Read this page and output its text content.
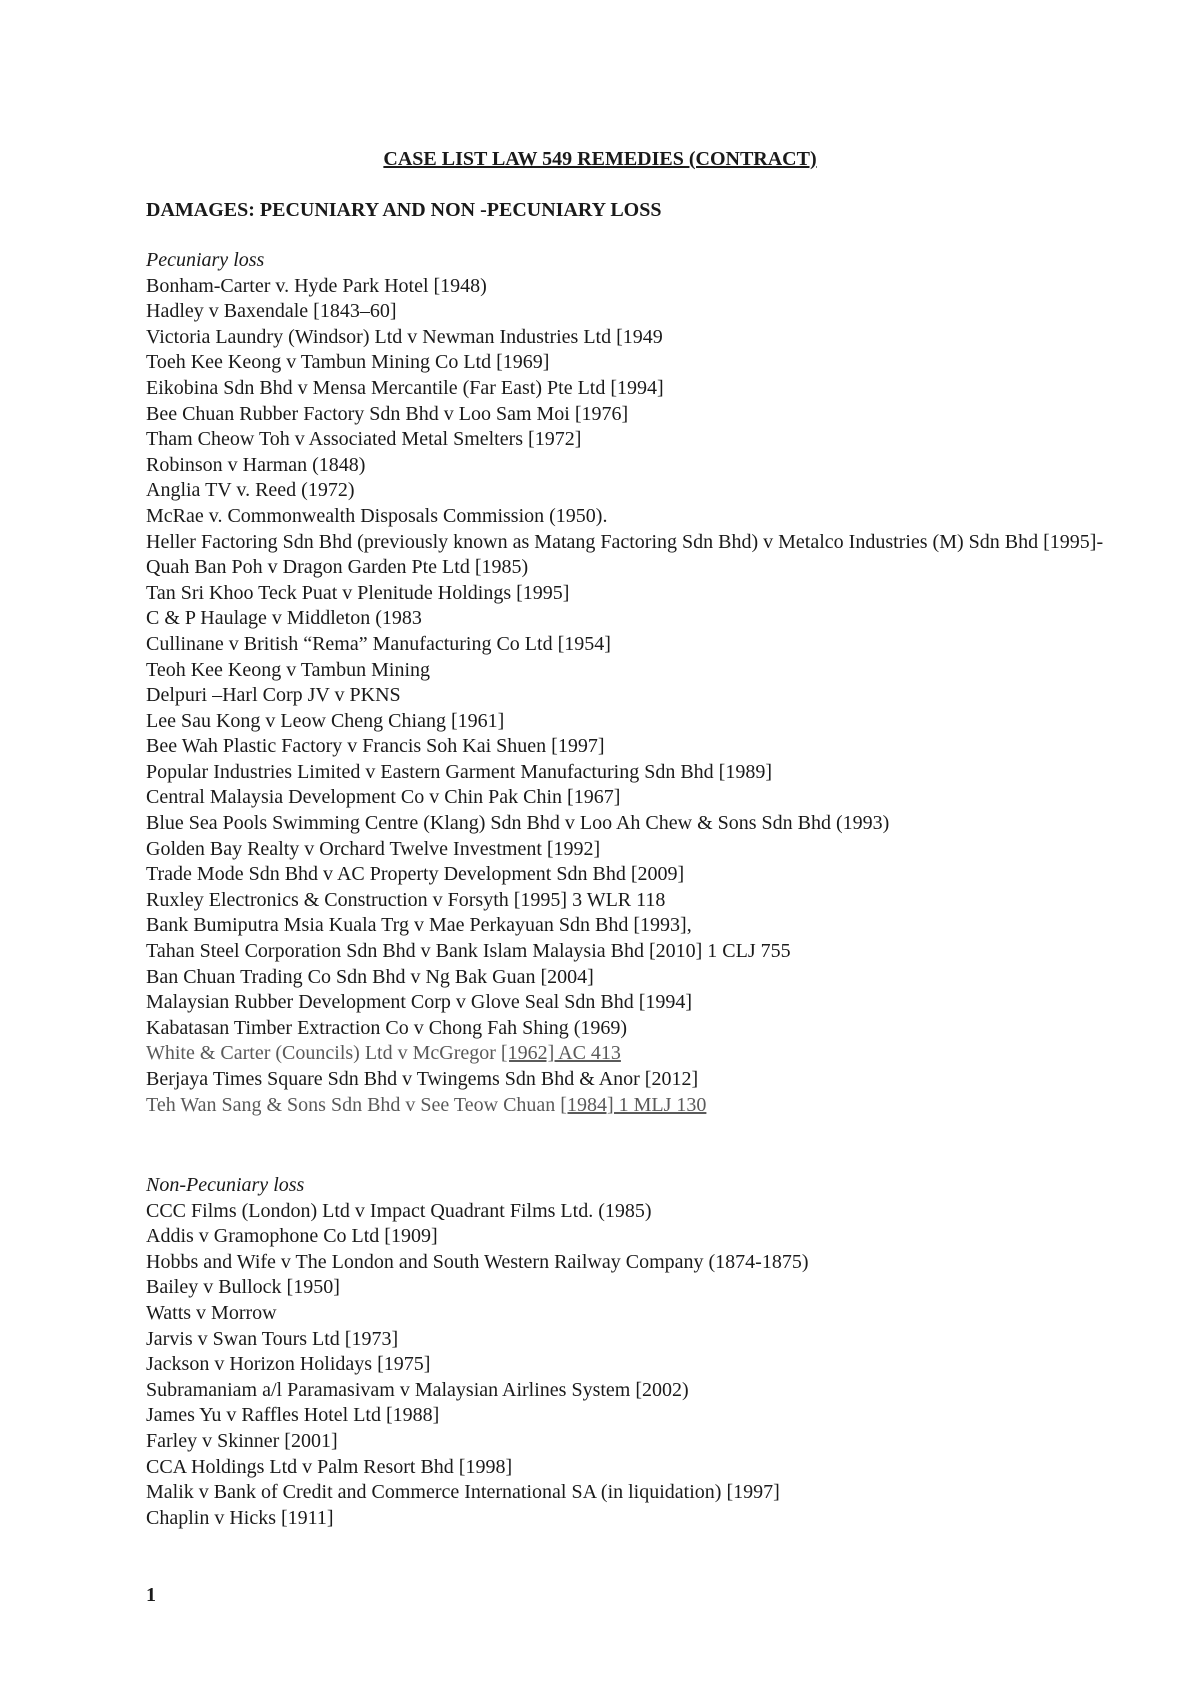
CASE LIST LAW 549 REMEDIES (CONTRACT)
DAMAGES: PECUNIARY AND NON -PECUNIARY LOSS

Pecuniary loss

Bonham-Carter v. Hyde Park Hotel [1948)
Hadley v Baxendale [1843–60]
Victoria Laundry (Windsor) Ltd v Newman Industries Ltd [1949
Toeh Kee Keong v Tambun Mining Co Ltd [1969]
Eikobina Sdn Bhd v Mensa Mercantile (Far East) Pte Ltd [1994]
Bee Chuan Rubber Factory Sdn Bhd v Loo Sam Moi [1976]
Tham Cheow Toh v Associated Metal Smelters [1972]
Robinson v Harman (1848)
Anglia TV v. Reed (1972)
McRae v. Commonwealth Disposals Commission (1950).
Heller Factoring Sdn Bhd (previously known as Matang Factoring Sdn Bhd) v Metalco Industries (M) Sdn Bhd [1995]-
Quah Ban Poh v Dragon Garden Pte Ltd [1985)
Tan Sri Khoo Teck Puat v Plenitude Holdings [1995]
C & P Haulage v Middleton (1983
Cullinane v British “Rema” Manufacturing Co Ltd [1954]
Teoh Kee Keong v Tambun Mining
Delpuri –Harl Corp JV v PKNS
Lee Sau Kong v Leow Cheng Chiang [1961]
Bee Wah Plastic Factory v Francis Soh Kai Shuen [1997]
Popular Industries Limited v Eastern Garment Manufacturing Sdn Bhd [1989]
Central Malaysia Development Co v Chin Pak Chin [1967]
Blue Sea Pools Swimming Centre (Klang) Sdn Bhd v Loo Ah Chew & Sons Sdn Bhd (1993)
Golden Bay Realty v Orchard Twelve Investment [1992]
Trade Mode Sdn Bhd v AC Property Development Sdn Bhd [2009]
Ruxley Electronics & Construction v Forsyth [1995] 3 WLR 118
Bank Bumiputra Msia Kuala Trg v Mae Perkayuan Sdn Bhd [1993],
Tahan Steel Corporation Sdn Bhd v Bank Islam Malaysia Bhd [2010] 1 CLJ 755
Ban Chuan Trading Co Sdn Bhd v Ng Bak Guan [2004]
Malaysian Rubber Development Corp v Glove Seal Sdn Bhd [1994]
Kabatasan Timber Extraction Co v Chong Fah Shing (1969)
White & Carter (Councils) Ltd v McGregor [1962] AC 413
Berjaya Times Square Sdn Bhd v Twingems Sdn Bhd & Anor [2012]
Teh Wan Sang & Sons Sdn Bhd v See Teow Chuan [1984] 1 MLJ 130

Non-Pecuniary loss

CCC Films (London) Ltd v Impact Quadrant Films Ltd. (1985)
Addis v Gramophone Co Ltd [1909]
Hobbs and Wife v The London and South Western Railway Company (1874-1875)
Bailey v Bullock [1950]
Watts v Morrow
Jarvis v Swan Tours Ltd [1973]
Jackson v Horizon Holidays [1975]
Subramaniam a/l Paramasivam v Malaysian Airlines System [2002)
James Yu v Raffles Hotel Ltd [1988]
Farley v Skinner [2001]
CCA Holdings Ltd v Palm Resort Bhd [1998]
Malik v Bank of Credit and Commerce International SA (in liquidation) [1997]
Chaplin v Hicks [1911]
1
